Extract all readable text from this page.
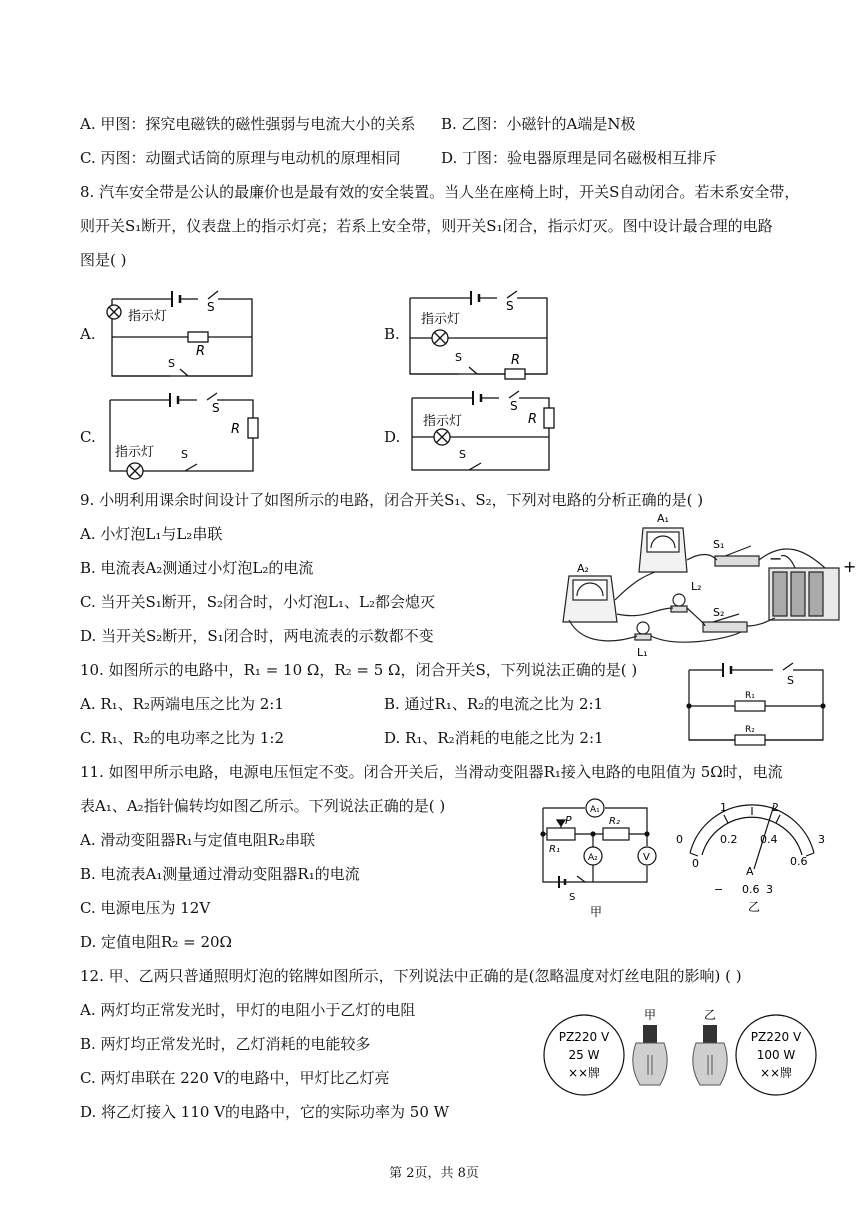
A. 甲图：探究电磁铁的磁性强弱与电流大小的关系 B. 乙图：小磁针的A端是N极
C. 丙图：动圈式话筒的原理与电动机的原理相同	D. 丁图：验电器原理是同名磁极相互排斥
8. 汽车安全带是公认的最廉价也是最有效的安全装置。当人坐在座椅上时，开关S自动闭合。若未系安全带，
则开关S₁断开，仪表盘上的指示灯亮；若系上安全带，则开关S₁闭合，指示灯灭。图中设计最合理的电路
图是( )
A.	B.
C.	D.
指示灯
S
R
S
指示灯
S
S	R
指示灯
S
R
S
指示灯
S
R
S
9. 小明利用课余时间设计了如图所示的电路，闭合开关S₁、S₂，下列对电路的分析正确的是( )
A. 小灯泡L₁与L₂串联
B. 电流表A₂测通过小灯泡L₂的电流
C. 当开关S₁断开，S₂闭合时，小灯泡L₁、L₂都会熄灭
D. 当开关S₂断开，S₁闭合时，两电流表的示数都不变
A₁
A₂
S₁
S₂
L₂
L₁
−	+
10. 如图所示的电路中，R₁ = 10 Ω，R₂ = 5 Ω，闭合开关S，下列说法正确的是( )
A. R₁、R₂两端电压之比为 2:1	B. 通过R₁、R₂的电流之比为 2:1
C. R₁、R₂的电功率之比为 1:2	D. R₁、R₂消耗的电能之比为 2:1
S
R₁
R₂
11. 如图甲所示电路，电源电压恒定不变。闭合开关后，当滑动变阻器R₁接入电路的电阻值为 5Ω时，电流
表A₁、A₂指针偏转均如图乙所示。下列说法正确的是( )
A. 滑动变阻器R₁与定值电阻R₂串联
B. 电流表A₁测量通过滑动变阻器R₁的电流
C. 电源电压为 12V
D. 定值电阻R₂ = 20Ω
A₁
A₂	V
P
R₁
R₂
S
甲
0
1	2
3
0
0.2 0.4
0.6
A
− 0.6 3
乙
12. 甲、乙两只普通照明灯泡的铭牌如图所示，下列说法中正确的是(忽略温度对灯丝电阻的影响) ( )
A. 两灯均正常发光时，甲灯的电阻小于乙灯的电阻
B. 两灯均正常发光时，乙灯消耗的电能较多
C. 两灯串联在 220 V的电路中，甲灯比乙灯亮
D. 将乙灯接入 110 V的电路中，它的实际功率为 50 W
甲	乙
PZ220 V
25 W
××牌
PZ220 V
100 W
××牌
第 2页，共 8页
